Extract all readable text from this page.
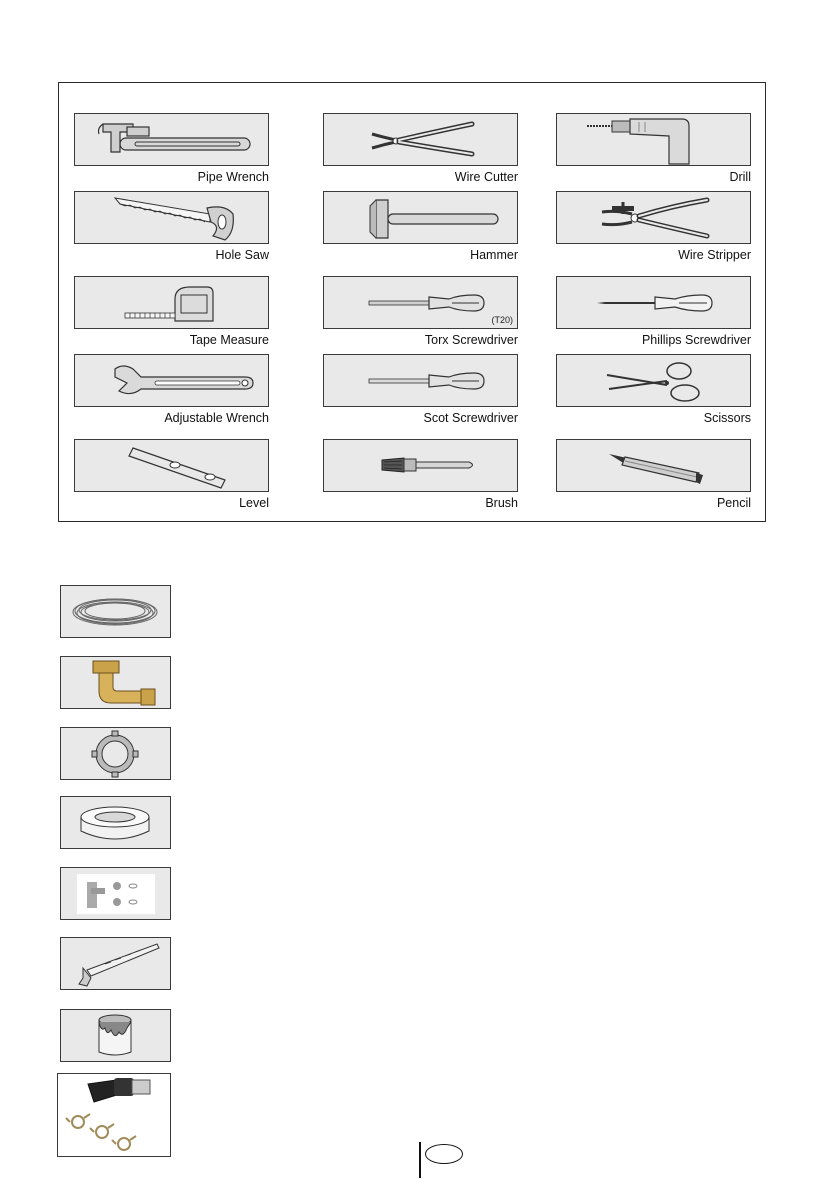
Pipe Wrench	Wire Cutter	Drill
Hole Saw	Hammer	Wire Stripper
Tape Measure
(T20)
Torx Screwdriver	Phillips Screwdriver
Adjustable Wrench	Scot Screwdriver	Scissors
Level	Brush	Pencil
